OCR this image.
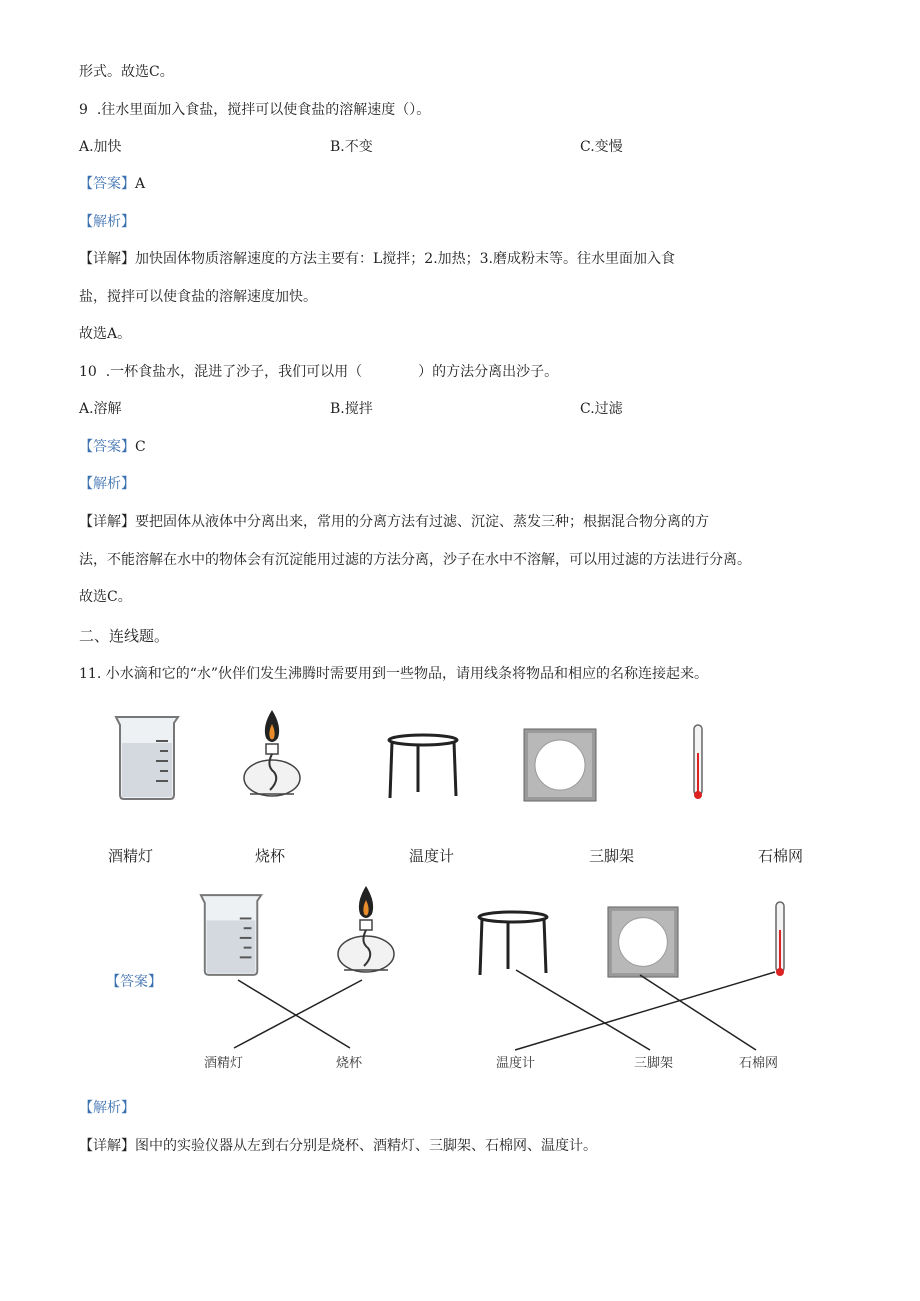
形式。故选C。
9 .往水里面加入食盐，搅拌可以使食盐的溶解速度（）。
A.加快	B.不变	C.变慢
【答案】A
【解析】
【详解】加快固体物质溶解速度的方法主要有：L搅拌；2.加热；3.磨成粉末等。往水里面加入食
盐，搅拌可以使食盐的溶解速度加快。
故选A。
10 .一杯食盐水，混进了沙子，我们可以用（　　　　）的方法分离出沙子。
A.溶解	B.搅拌	C.过滤
【答案】C
【解析】
【详解】要把固体从液体中分离出来，常用的分离方法有过滤、沉淀、蒸发三种；根据混合物分离的方
法，不能溶解在水中的物体会有沉淀能用过滤的方法分离，沙子在水中不溶解，可以用过滤的方法进行分离。
故选C。
二、连线题。
11. 小水滴和它的“水”伙伴们发生沸腾时需要用到一些物品，请用线条将物品和相应的名称连接起来。
酒精灯	烧杯	温度计	三脚架	石棉网
【答案】
酒精灯	烧杯	温度计	三脚架	石棉网
【解析】
【详解】图中的实验仪器从左到右分别是烧杯、酒精灯、三脚架、石棉网、温度计。
